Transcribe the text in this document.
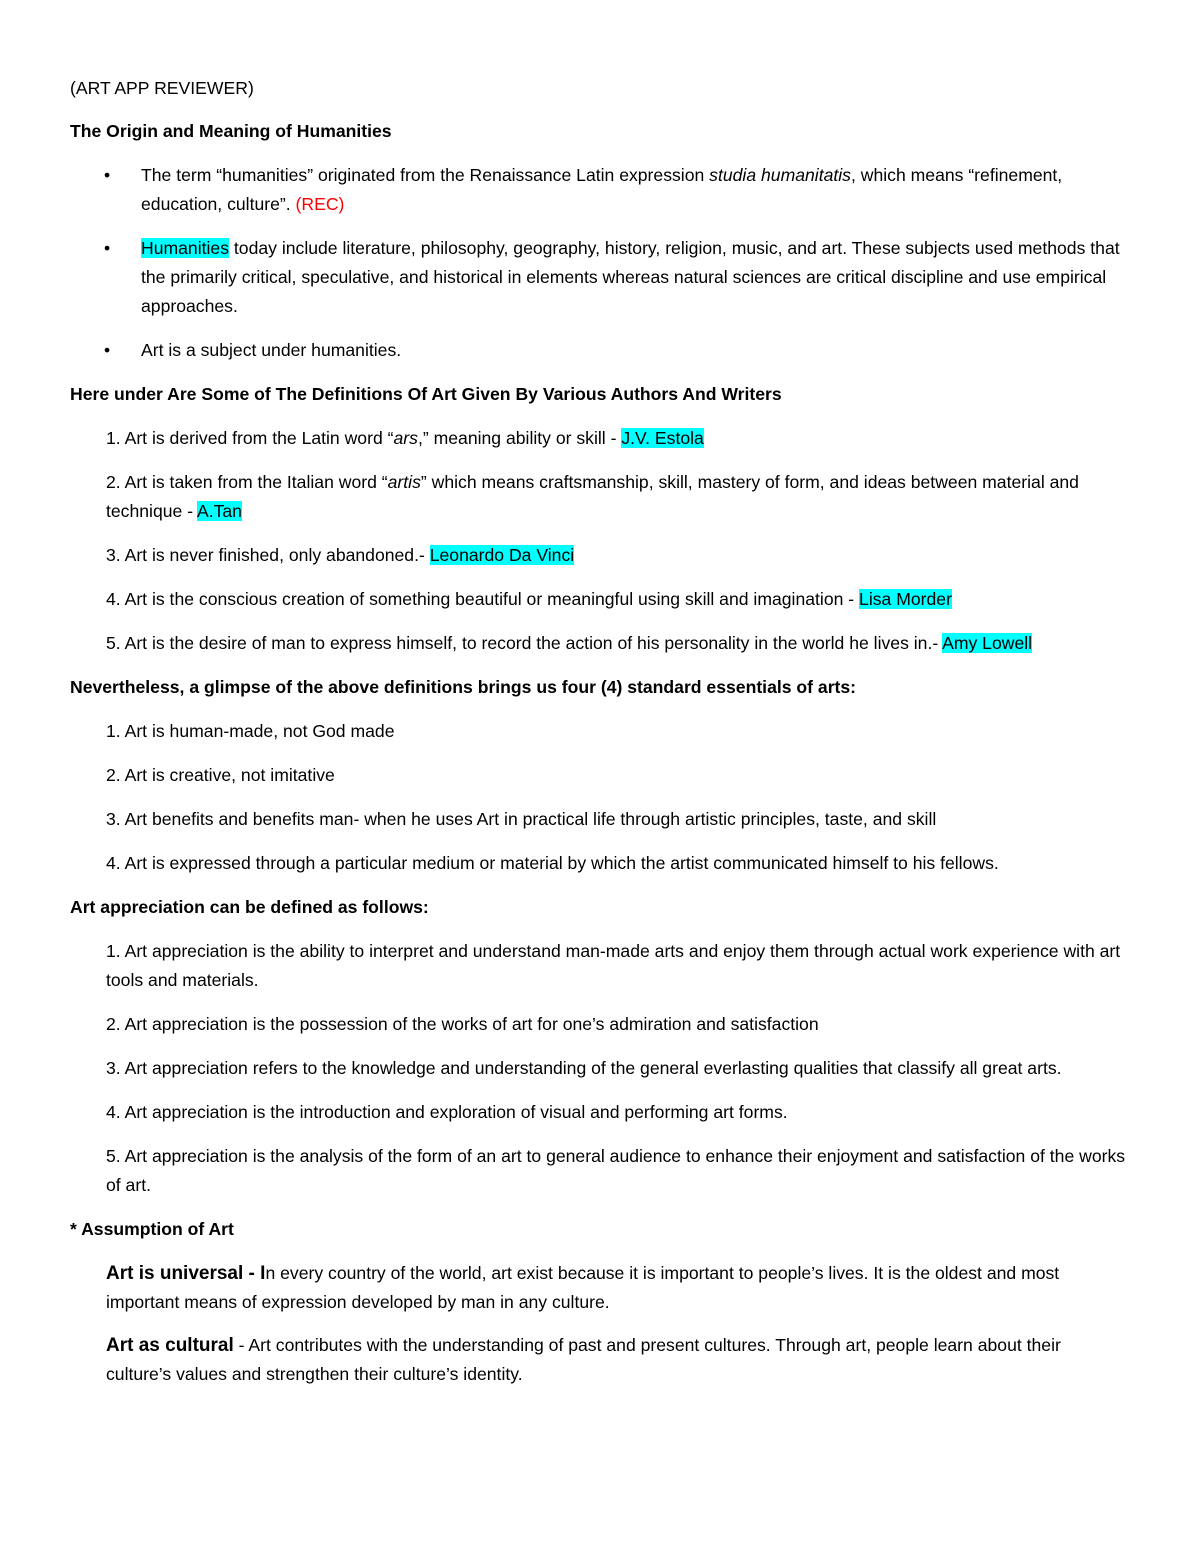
(ART APP REVIEWER)

The Origin and Meaning of Humanities

• The term “humanities” originated from the Renaissance Latin expression studia humanitatis, which means “refinement, education, culture”. (REC)
• Humanities today include literature, philosophy, geography, history, religion, music, and art. These subjects used methods that the primarily critical, speculative, and historical in elements whereas natural sciences are critical discipline and use empirical approaches.
• Art is a subject under humanities.

Here under Are Some of The Definitions Of Art Given By Various Authors And Writers

1. Art is derived from the Latin word “ars,” meaning ability or skill - J.V. Estola

2. Art is taken from the Italian word “artis” which means craftsmanship, skill, mastery of form, and ideas between material and technique - A.Tan

3. Art is never finished, only abandoned.- Leonardo Da Vinci

4. Art is the conscious creation of something beautiful or meaningful using skill and imagination - Lisa Morder

5. Art is the desire of man to express himself, to record the action of his personality in the world he lives in.- Amy Lowell

Nevertheless, a glimpse of the above definitions brings us four (4) standard essentials of arts:

1. Art is human-made, not God made

2. Art is creative, not imitative

3. Art benefits and benefits man- when he uses Art in practical life through artistic principles, taste, and skill

4. Art is expressed through a particular medium or material by which the artist communicated himself to his fellows.

Art appreciation can be defined as follows:

1. Art appreciation is the ability to interpret and understand man-made arts and enjoy them through actual work experience with art tools and materials.

2. Art appreciation is the possession of the works of art for one’s admiration and satisfaction

3. Art appreciation refers to the knowledge and understanding of the general everlasting qualities that classify all great arts.

4. Art appreciation is the introduction and exploration of visual and performing art forms.

5. Art appreciation is the analysis of the form of an art to general audience to enhance their enjoyment and satisfaction of the works of art.

* Assumption of Art

Art is universal - In every country of the world, art exist because it is important to people’s lives. It is the oldest and most important means of expression developed by man in any culture.

Art as cultural - Art contributes with the understanding of past and present cultures. Through art, people learn about their culture’s values and strengthen their culture’s identity.
